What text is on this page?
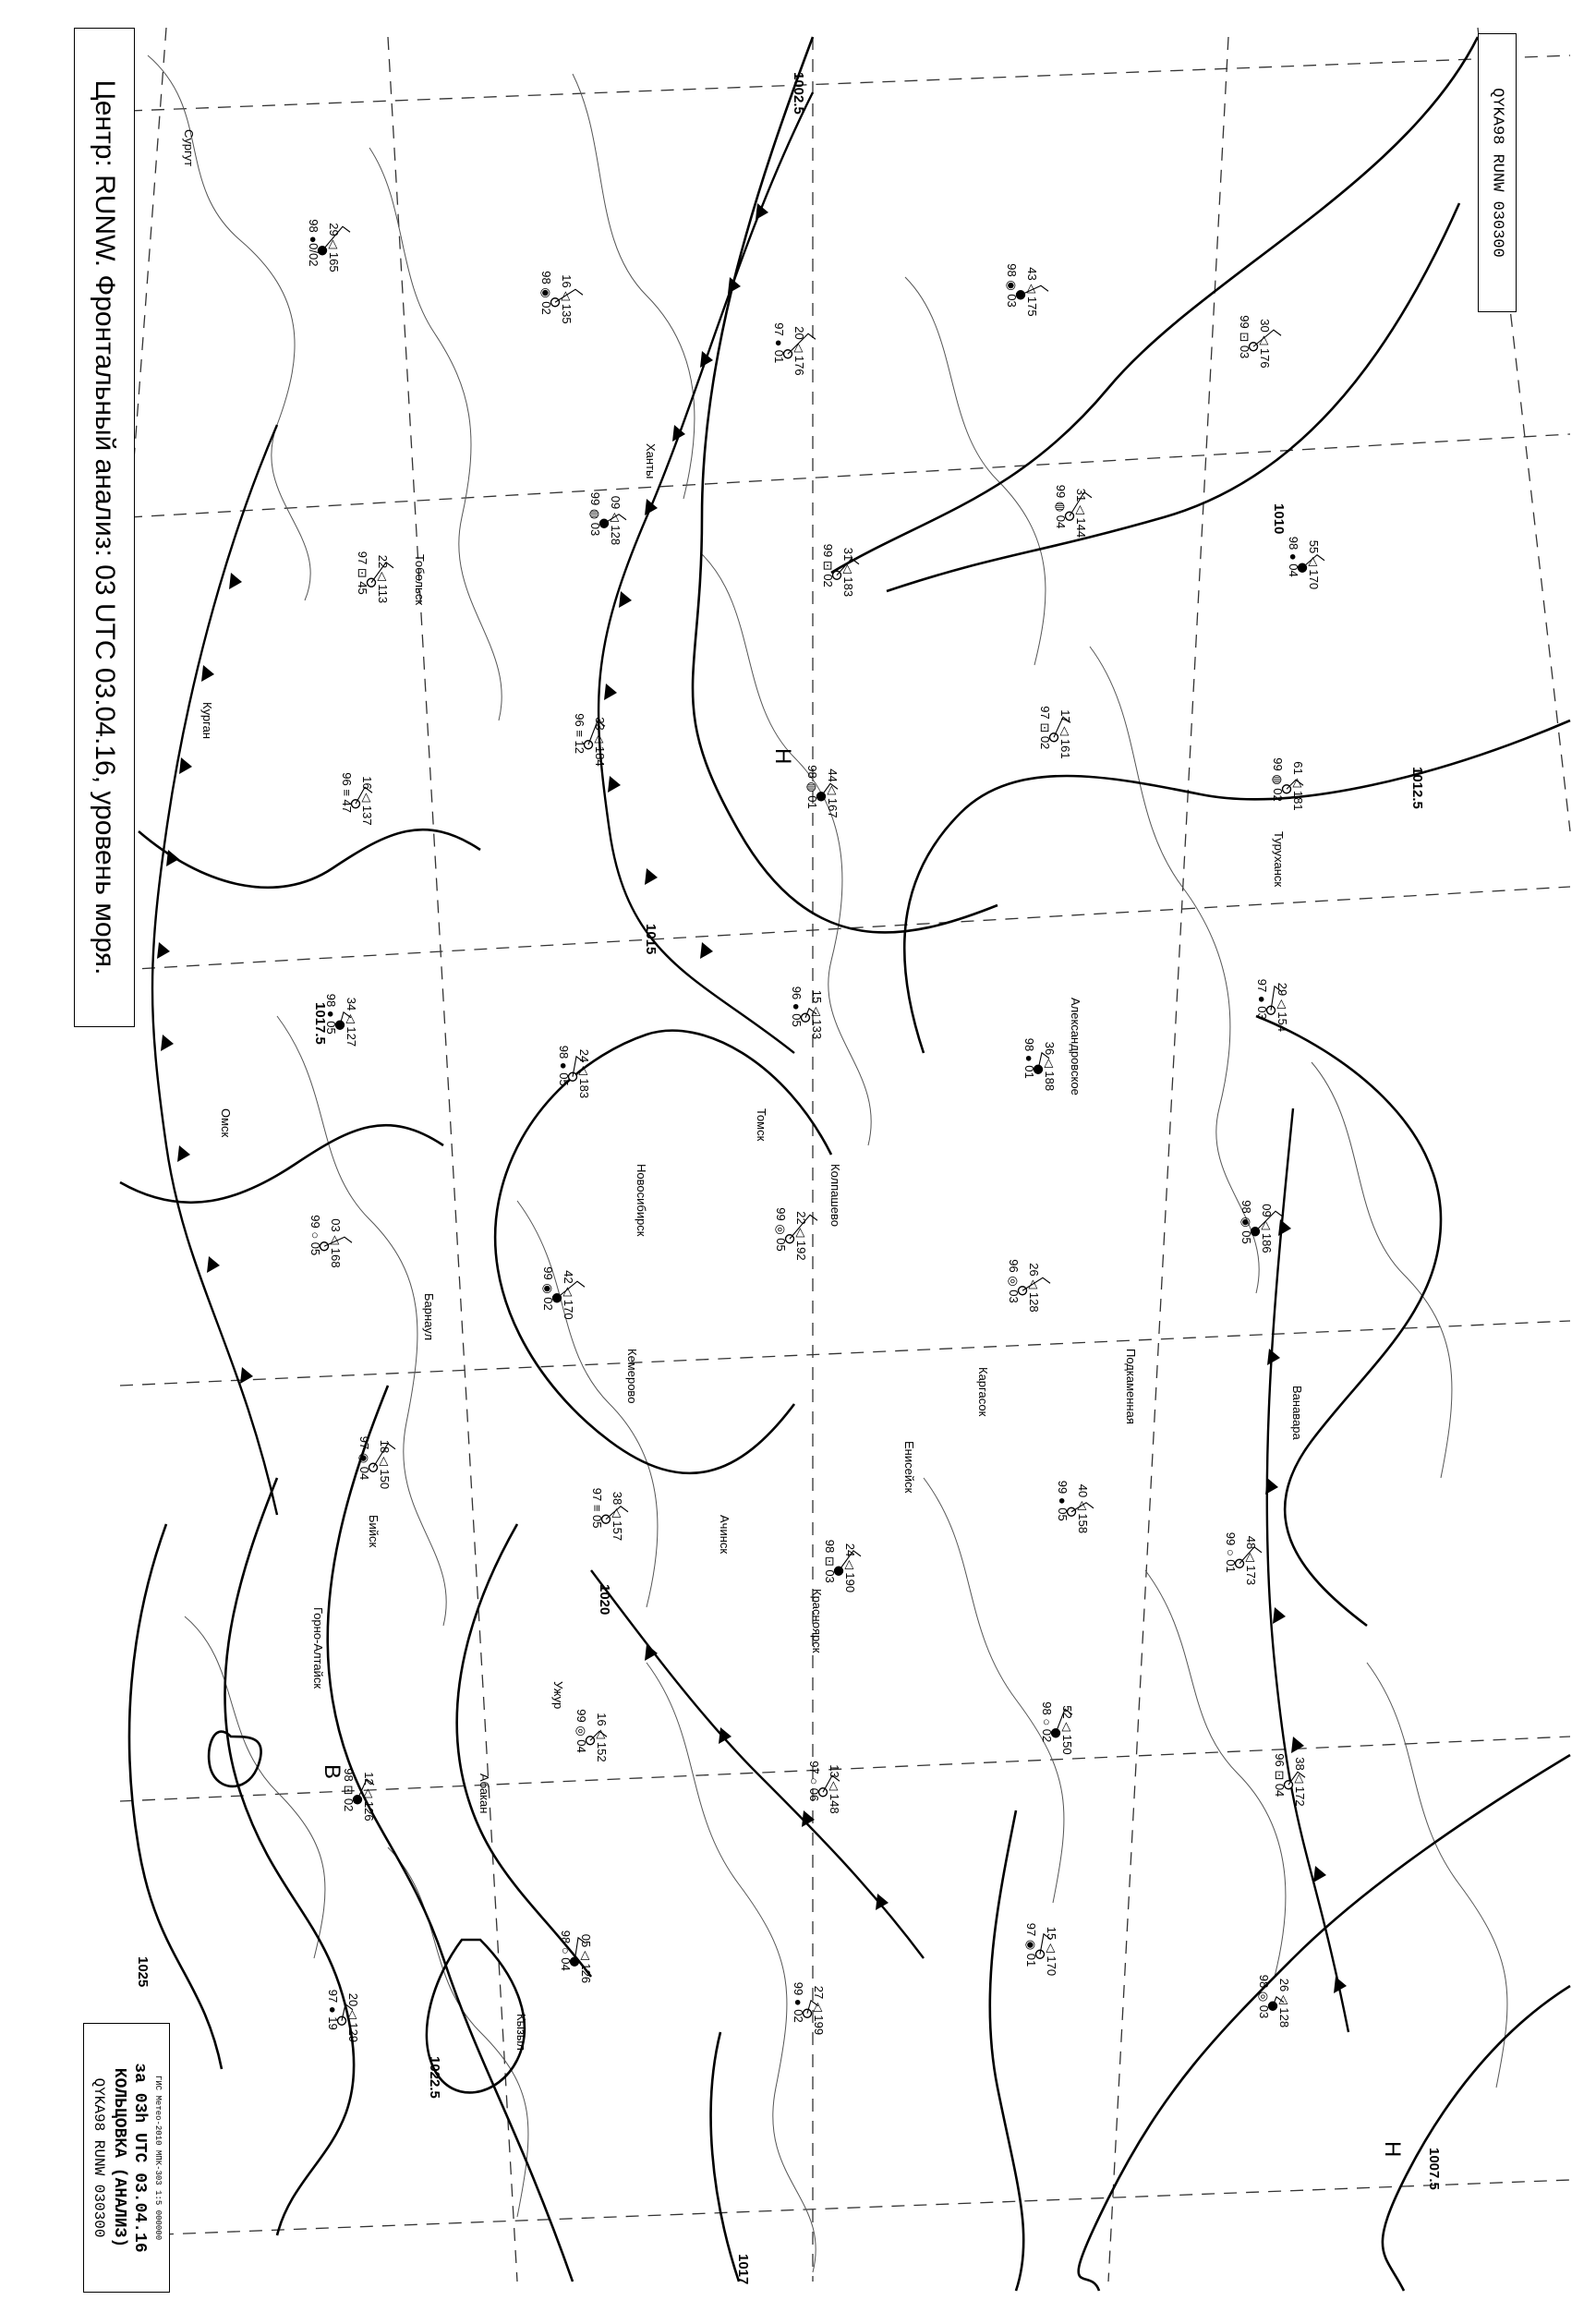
1002.5
1010
1012.5
1017.5
1020
1022.5
1025
1015
1007.5
1017
H
B
H
Сургут
Ханты
Тобольск
Курган
Омск
Новосибирск
Барнаул
Кемерово
Томск
Колпашево
Александровское
Каргасок	Подкаменная
Енисейск
Ачинск
Красноярск
Ванавара
Туруханск
Ужур
Абакан
Кызыл
Бийск
Горно-Алтайск
29 ◁ 165
98 ●0/02
22 ◁ 113
97 ⊡ 45
16 ◁ 137
96 ≡ 47
34 ◁ 127
98 ● 05
03 ◁ 168
99 ○ 05
18 ◁ 150
97 ◉ 04
12 ◁ 126
98 ⊡ 02
20 ◁ 129
97 ● 19
16 ◁ 135
98 ◉ 02
09 ◁ 128
99 ◍ 03
33 ◁ 184
96 ≡ 12
24 ◁ 183
98 ● 05
42 ◁ 170
99 ◉ 02
38 ◁ 157
97 ≡ 05
16 ◁ 152
99 ◎ 04
05 ◁ 126
98 ○ 04
20 ◁ 176
97 ● 01
31 ◁ 183
99 ⊡ 02
44 ◁ 167
98 ◍ 01
15 ◁ 133
96 ● 05
22 ◁ 192
99 ◎ 05
24 ◁ 190
98 ⊡ 03
13 ◁ 148
97 ○ 06
27 ◁ 199
99 ● 02
43 ◁ 175
98 ◉ 03
31 ◁ 144
99 ◍ 04
17 ◁ 161
97 ⊡ 02
36 ◁ 188
98 ● 01
26 ◁ 128
96 ◎ 03
40 ◁ 158
99 ● 05
52 ◁ 150
98 ○ 02
15 ◁ 170
97 ◉ 01
30 ◁ 176
99 ⊡ 03
55 ◁ 170
98 ● 04
61 ◁ 181
99 ◍ 02
29 ◁ 154
97 ● 03
09 ◁ 186
98 ◉ 05
48 ◁ 173
99 ○ 01
38 ◁ 172
96 ⊡ 04
26 ◁ 128
98 ◎ 03
Центр: RUNW. Фронтальный анализ: 03 UTC 03.04.16, уровень моря.	QYKA98 RUNW 030300
QYKA98 RUNW 030300 КОЛЬЦОВКА (АНАЛИЗ) за 03h UTC 03.04.16 ГИС Метео-2010 МПК-303 1:5 000000
